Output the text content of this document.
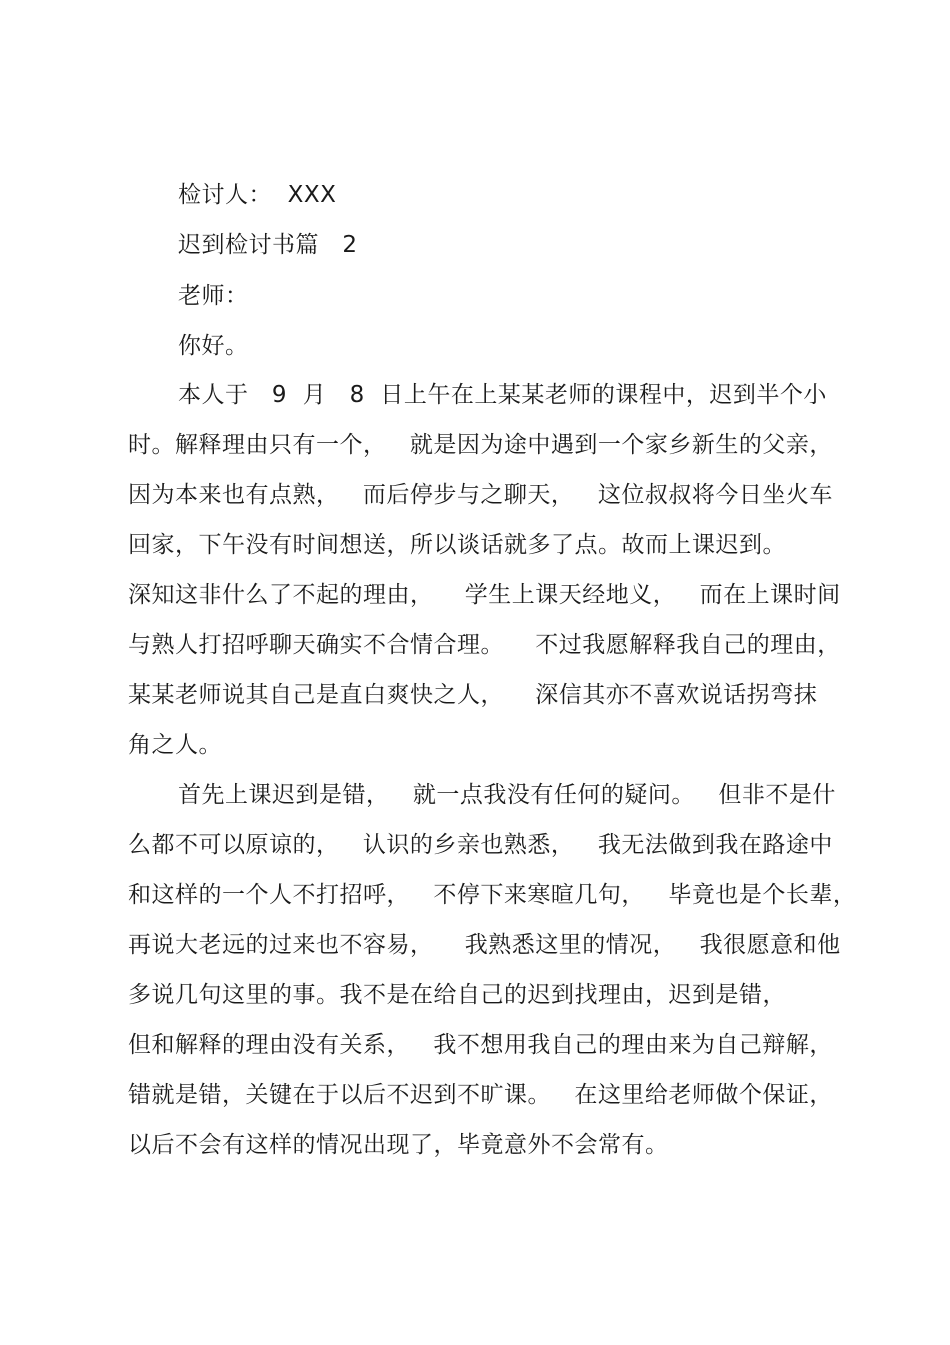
检讨人：  XXX
迟到检讨书篇   2
老师：
你好。
本人于   9  月   8  日上午在上某某老师的课程中，迟到半个小
时。解释理由只有一个，   就是因为途中遇到一个家乡新生的父亲，
因为本来也有点熟，   而后停步与之聊天，   这位叔叔将今日坐火车
回家，下午没有时间想送，所以谈话就多了点。故而上课迟到。
深知这非什么了不起的理由，    学生上课天经地义，   而在上课时间
与熟人打招呼聊天确实不合情合理。    不过我愿解释我自己的理由，
某某老师说其自己是直白爽快之人，    深信其亦不喜欢说话拐弯抹
角之人。
首先上课迟到是错，   就一点我没有任何的疑问。   但非不是什
么都不可以原谅的，   认识的乡亲也熟悉，   我无法做到我在路途中
和这样的一个人不打招呼，   不停下来寒暄几句，   毕竟也是个长辈，
再说大老远的过来也不容易，    我熟悉这里的情况，   我很愿意和他
多说几句这里的事。我不是在给自己的迟到找理由，迟到是错，
但和解释的理由没有关系，   我不想用我自己的理由来为自己辩解，
错就是错，关键在于以后不迟到不旷课。   在这里给老师做个保证，
以后不会有这样的情况出现了，毕竟意外不会常有。
